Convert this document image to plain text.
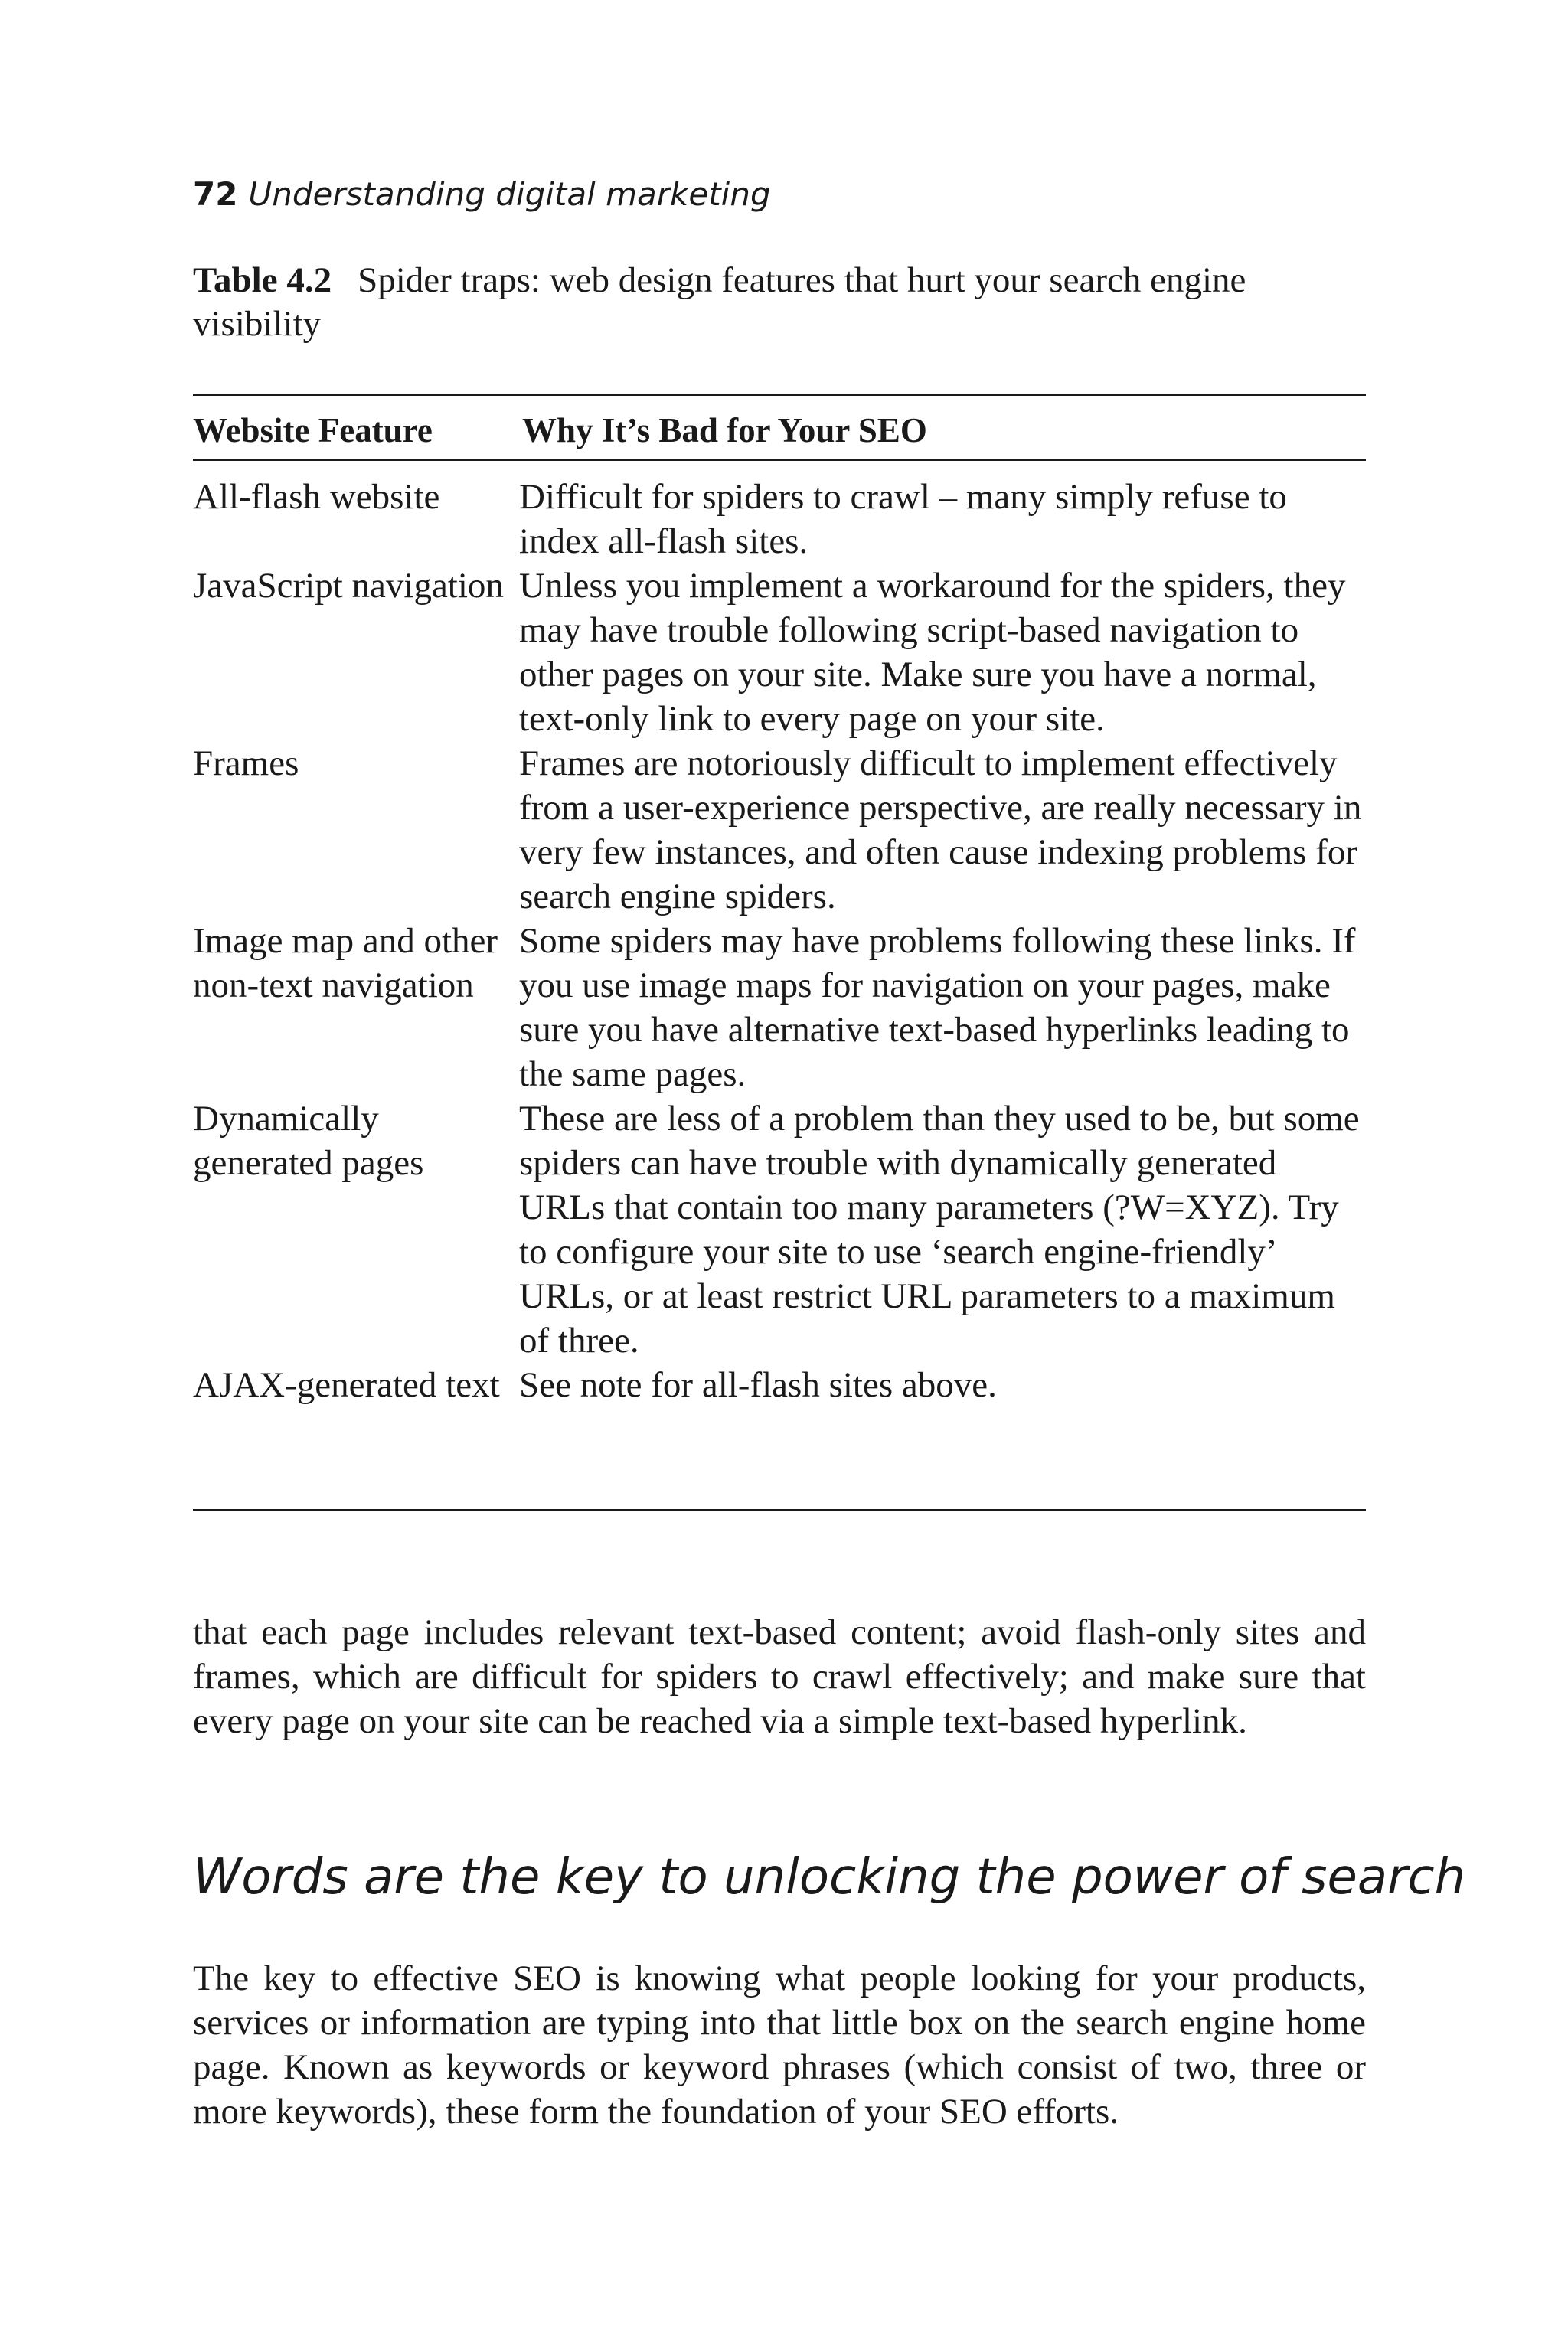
72 Understanding digital marketing
Table 4.2 Spider traps: web design features that hurt your search engine visibility
Website Feature	Why It’s Bad for Your SEO
All-flash website Difficult for spiders to crawl – many simply refuse to index all-flash sites.
JavaScript navigation Unless you implement a workaround for the spiders, they may have trouble following script-based navigation to other pages on your site. Make sure you have a normal, text-only link to every page on your site.
Frames	Frames are notoriously difficult to implement effectively from a user-experience perspective, are really necessary in very few instances, and often cause indexing problems for search engine spiders.
Image map and other non-text navigationSome spiders may have problems following these links. If you use image maps for navigation on your pages, make sure you have alternative text-based hyperlinks leading to the same pages.
Dynamically generated pagesThese are less of a problem than they used to be, but some spiders can have trouble with dynamically generated URLs that contain too many parameters (?W=XYZ). Try to configure your site to use ‘search engine-friendly’ URLs, or at least restrict URL parameters to a maximum of three.
AJAX-generated text See note for all-flash sites above.

that each page includes relevant text-based content; avoid flash-only sites and frames, which are difficult for spiders to crawl effectively; and make sure that every page on your site can be reached via a simple text-based hyperlink.

Words are the key to unlocking the power of search

The key to effective SEO is knowing what people looking for your products, services or information are typing into that little box on the search engine home page. Known as keywords or keyword phrases (which consist of two, three or more keywords), these form the foundation of your SEO efforts.
